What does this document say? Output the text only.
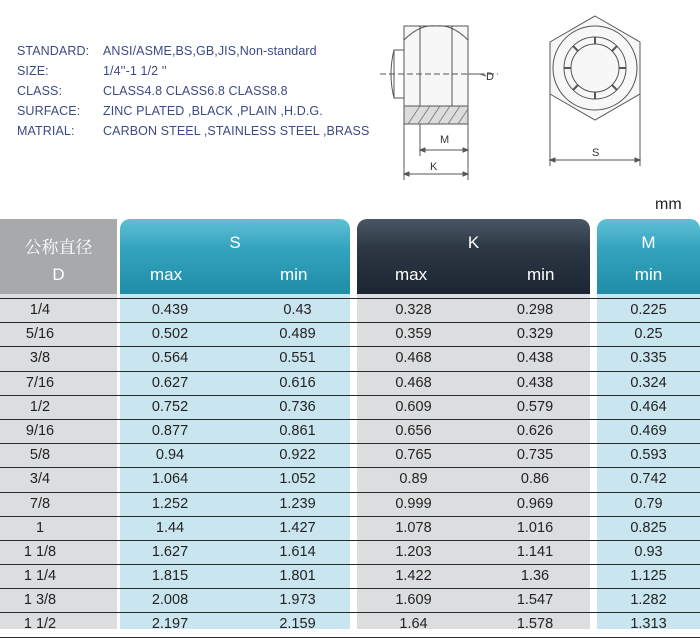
STANDARD:	ANSI/ASME,BS,GB,JIS,Non-standard
SIZE:	1/4''-1 1/2 ''
CLASS:	CLASS4.8 CLASS6.8 CLASS8.8
SURFACE:	ZINC PLATED ,BLACK ,PLAIN ,H.D.G.
MATRIAL:	CARBON STEEL ,STAINLESS STEEL ,BRASS
D
M
K
S
mm
公称直径
D
S
max	min
K
max	min
M
min
1/4	0.439	0.43	0.328	0.298	0.225
5/16	0.502	0.489	0.359	0.329	0.25
3/8	0.564	0.551	0.468	0.438	0.335
7/16	0.627	0.616	0.468	0.438	0.324
1/2	0.752	0.736	0.609	0.579	0.464
9/16	0.877	0.861	0.656	0.626	0.469
5/8	0.94	0.922	0.765	0.735	0.593
3/4	1.064	1.052	0.89	0.86	0.742
7/8	1.252	1.239	0.999	0.969	0.79
1	1.44	1.427	1.078	1.016	0.825
1 1/8	1.627	1.614	1.203	1.141	0.93
1 1/4	1.815	1.801	1.422	1.36	1.125
1 3/8	2.008	1.973	1.609	1.547	1.282
1 1/2	2.197	2.159	1.64	1.578	1.313
